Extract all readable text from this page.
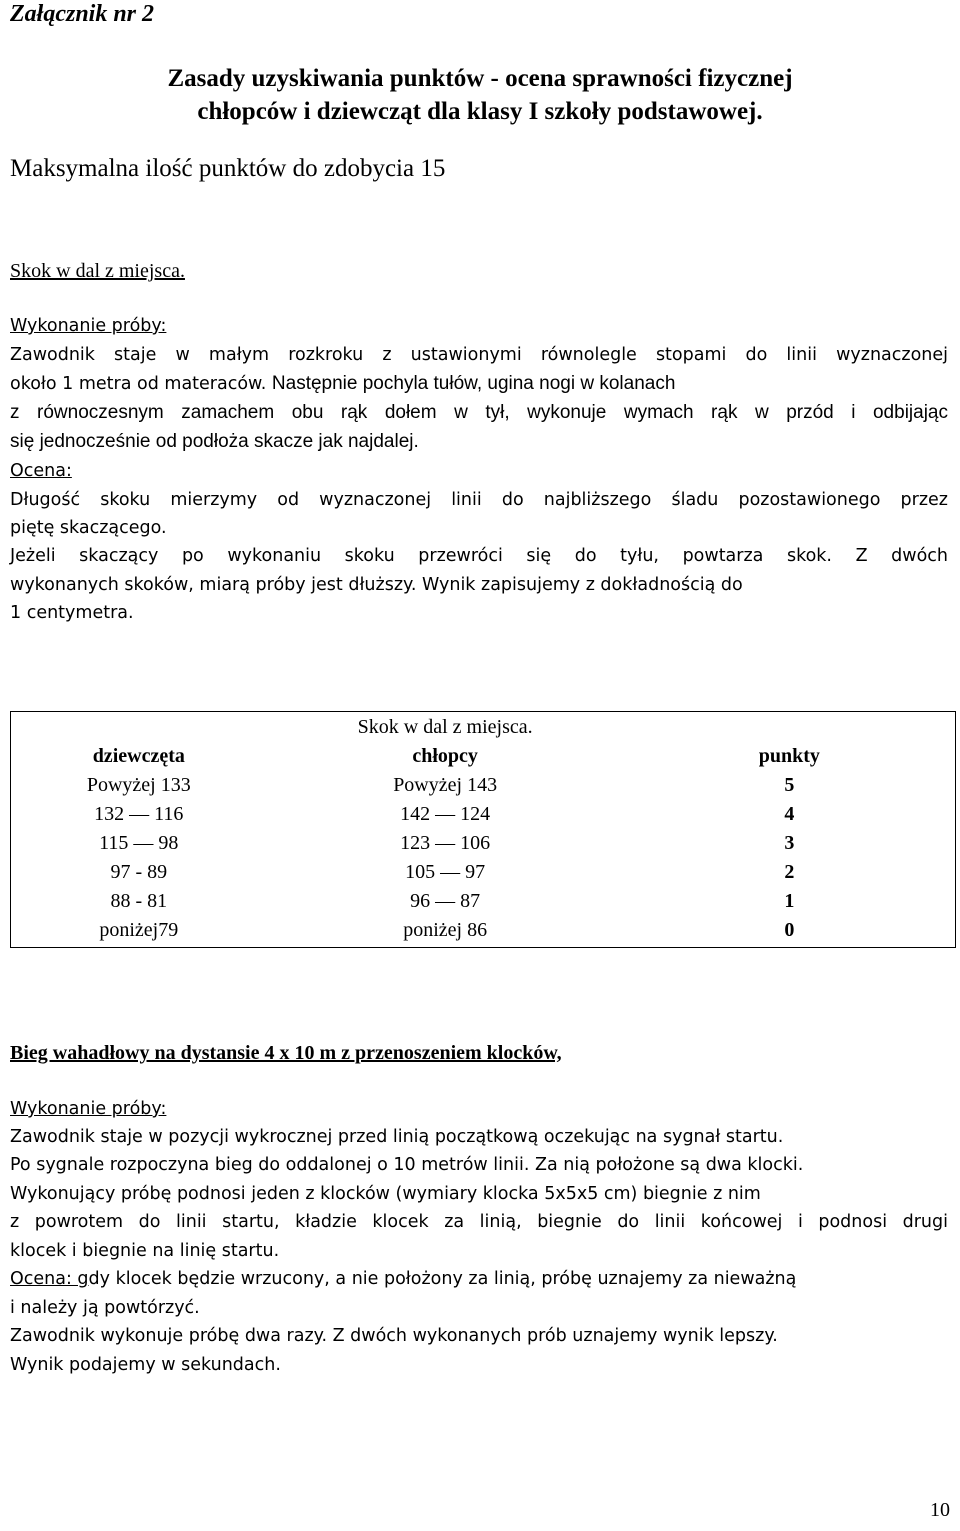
Załącznik nr 2
Zasady uzyskiwania punktów - ocena sprawności fizycznej
chłopców i dziewcząt dla klasy I szkoły podstawowej.
Maksymalna ilość punktów do zdobycia 15
Skok w dal z miejsca.
Wykonanie próby:
Zawodnik staje w małym rozkroku z ustawionymi równolegle stopami do linii wyznaczonej
około 1 metra od materaców. Następnie pochyla tułów, ugina nogi w kolanach
z równoczesnym zamachem obu rąk dołem w tył, wykonuje wymach rąk w przód i odbijając
się jednocześnie od podłoża skacze jak najdalej.
Ocena:
Długość skoku mierzymy od wyznaczonej linii do najbliższego śladu pozostawionego przez
piętę skaczącego.
Jeżeli skaczący po wykonaniu skoku przewróci się do tyłu, powtarza skok. Z dwóch
wykonanych skoków, miarą próby jest dłuższy. Wynik zapisujemy z dokładnością do
1 centymetra.
	Skok w dal z miejsca.	
dziewczęta	chłopcy	punkty
Powyżej 133	Powyżej 143	5
132 ― 116	142 ― 124	4
115 ― 98	123 ― 106	3
97 - 89	105 ― 97	2
88 - 81	96 ― 87	1
poniżej79	poniżej 86	0
Bieg wahadłowy na dystansie 4 x 10 m z przenoszeniem klocków,
Wykonanie próby:
Zawodnik staje w pozycji wykrocznej przed linią początkową oczekując na sygnał startu.
Po sygnale rozpoczyna bieg do oddalonej o 10 metrów linii. Za nią położone są dwa klocki.
Wykonujący próbę podnosi jeden z klocków (wymiary klocka 5x5x5 cm) biegnie z nim
z powrotem do linii startu, kładzie klocek za linią, biegnie do linii końcowej i podnosi drugi
klocek i biegnie na linię startu.
Ocena: gdy klocek będzie wrzucony, a nie położony za linią, próbę uznajemy za nieważną
i należy ją powtórzyć.
Zawodnik wykonuje próbę dwa razy. Z dwóch wykonanych prób uznajemy wynik lepszy.
Wynik podajemy w sekundach.
10
